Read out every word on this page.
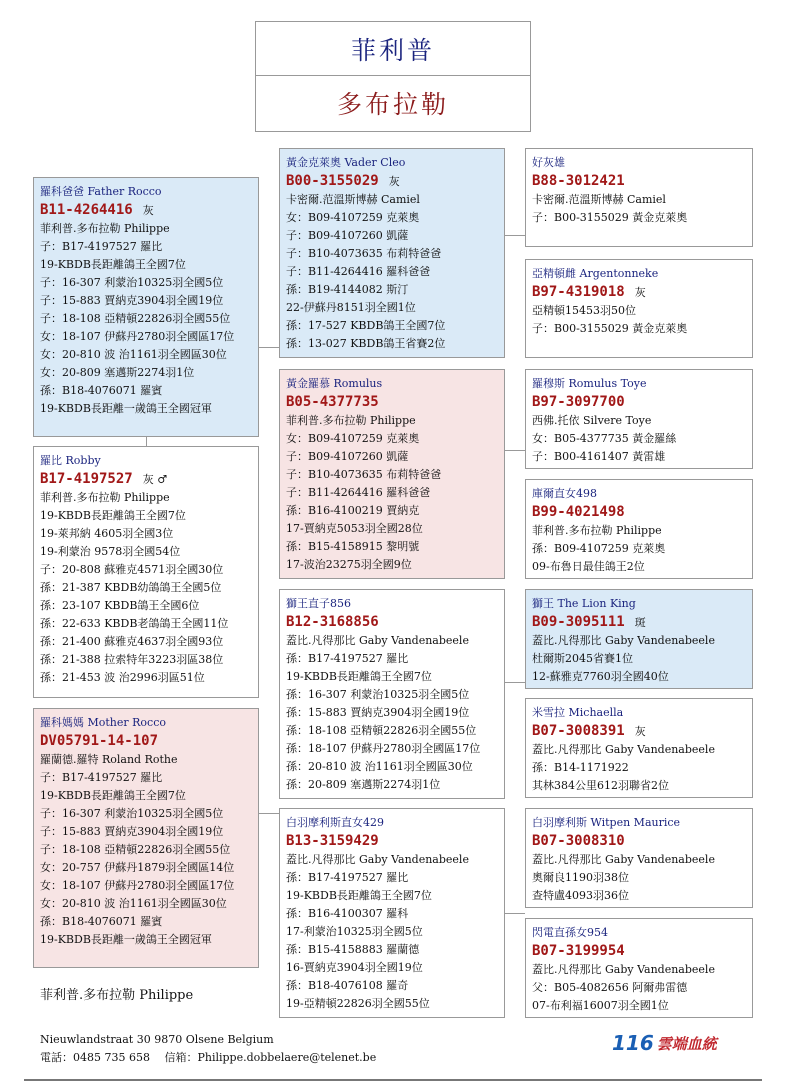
菲利普
多布拉勒
羅科爸爸 Father Rocco
B11-4264416 灰
菲利普.多布拉勒 Philippe
子：B17-4197527 羅比
19-KBDB長距離鴿王全國7位
子：16-307 利蒙治10325羽全國5位
子：15-883 賈納克3904羽全國19位
子：18-108 亞精頓22826羽全國55位
女：18-107 伊蘇丹2780羽全國區17位
女：20-810 波 治1161羽全國區30位
女：20-809 塞邁斯2274羽1位
孫：B18-4076071 羅賓
19-KBDB長距離一歲鴿王全國冠軍
羅比 Robby
B17-4197527 灰 ♂
菲利普.多布拉勒 Philippe
19-KBDB長距離鴿王全國7位
19-萊邦納 4605羽全國3位
19-利蒙治 9578羽全國54位
子：20-808 蘇雅克4571羽全國30位
孫：21-387 KBDB幼鴿鴿王全國5位
孫：23-107 KBDB鴿王全國6位
孫：22-633 KBDB老鴿鴿王全國11位
孫：21-400 蘇雅克4637羽全國93位
孫：21-388 拉索特年3223羽區38位
孫：21-453 波 治2996羽區51位
羅科媽媽 Mother Rocco
DV05791-14-107
羅蘭德.羅特 Roland Rothe
子：B17-4197527 羅比
19-KBDB長距離鴿王全國7位
子：16-307 利蒙治10325羽全國5位
子：15-883 賈納克3904羽全國19位
子：18-108 亞精頓22826羽全國55位
女：20-757 伊蘇丹1879羽全國區14位
女：18-107 伊蘇丹2780羽全國區17位
女：20-810 波 治1161羽全國區30位
孫：B18-4076071 羅賓
19-KBDB長距離一歲鴿王全國冠軍
黃金克萊奧 Vader Cleo
B00-3155029 灰
卡密爾.范溫斯博赫 Camiel
女：B09-4107259 克萊奧
子：B09-4107260 凱薩
子：B10-4073635 布莉特爸爸
子：B11-4264416 羅科爸爸
孫：B19-4144082 斯汀
22-伊蘇丹8151羽全國1位
孫：17-527 KBDB鴿王全國7位
孫：13-027 KBDB鴿王省賽2位
黃金羅慕 Romulus
B05-4377735
菲利普.多布拉勒 Philippe
女：B09-4107259 克萊奧
子：B09-4107260 凱薩
子：B10-4073635 布莉特爸爸
子：B11-4264416 羅科爸爸
孫：B16-4100219 賈納克
17-賈納克5053羽全國28位
孫：B15-4158915 黎明號
17-波治23275羽全國9位
獅王直子856
B12-3168856
蓋比.凡得那比 Gaby Vandenabeele
孫：B17-4197527 羅比
19-KBDB長距離鴿王全國7位
孫：16-307 利蒙治10325羽全國5位
孫：15-883 賈納克3904羽全國19位
孫：18-108 亞精頓22826羽全國55位
孫：18-107 伊蘇丹2780羽全國區17位
孫：20-810 波 治1161羽全國區30位
孫：20-809 塞邁斯2274羽1位
白羽摩利斯直女429
B13-3159429
蓋比.凡得那比 Gaby Vandenabeele
孫：B17-4197527 羅比
19-KBDB長距離鴿王全國7位
孫：B16-4100307 羅科
17-利蒙治10325羽全國5位
孫：B15-4158883 羅蘭德
16-賈納克3904羽全國19位
孫：B18-4076108 羅奇
19-亞精頓22826羽全國55位
好灰雄
B88-3012421
卡密爾.范溫斯博赫 Camiel
子：B00-3155029 黃金克萊奧
亞精頓雌 Argentonneke
B97-4319018 灰
亞精頓15453羽50位
子：B00-3155029 黃金克萊奧
羅穆斯 Romulus Toye
B97-3097700
西佛.托依 Silvere Toye
女：B05-4377735 黃金羅絲
子：B00-4161407 黃雷雄
庫爾直女498
B99-4021498
菲利普.多布拉勒 Philippe
孫：B09-4107259 克萊奧
09-布魯日最佳鴿王2位
獅王 The Lion King
B09-3095111 斑
蓋比.凡得那比 Gaby Vandenabeele
杜爾斯2045省賽1位
12-蘇雅克7760羽全國40位
米雪拉 Michaella
B07-3008391 灰
蓋比.凡得那比 Gaby Vandenabeele
孫：B14-1171922
其林384公里612羽聯省2位
白羽摩利斯 Witpen Maurice
B07-3008310
蓋比.凡得那比 Gaby Vandenabeele
奧爾良1190羽38位
查特盧4093羽36位
閃電直孫女954
B07-3199954
蓋比.凡得那比 Gaby Vandenabeele
父：B05-4082656 阿爾弗雷德
07-布利福16007羽全國1位
菲利普.多布拉勒 Philippe
Nieuwlandstraat 30 9870 Olsene Belgium
電話：0485 735 658　 信箱：Philippe.dobbelaere@telenet.be
116 雲端血統
